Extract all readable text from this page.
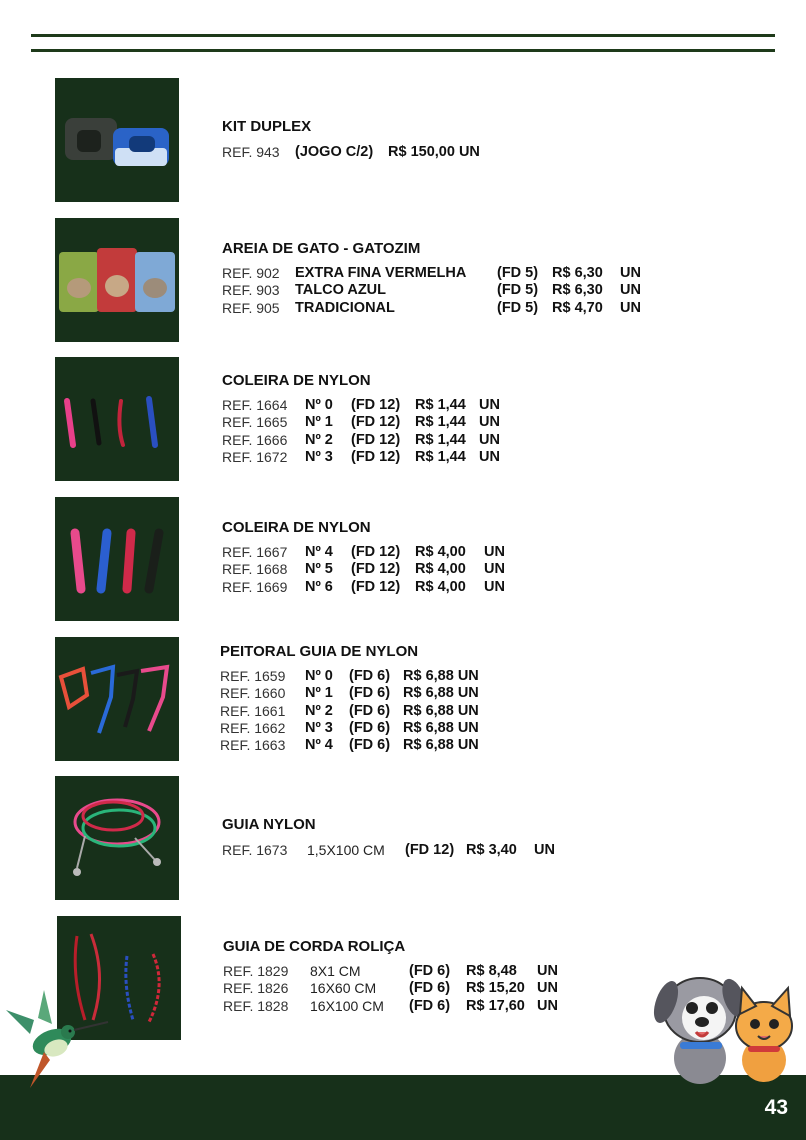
KIT DUPLEX
REF. 943 (JOGO C/2) R$ 150,00 UN
AREIA DE GATO - GATOZIM
REF. 902 EXTRA FINA VERMELHA (FD 5) R$ 6,30 UN
REF. 903 TALCO AZUL	(FD 5) R$ 6,30 UN
REF. 905 TRADICIONAL	(FD 5) R$ 4,70 UN
COLEIRA DE NYLON
REF. 1664 Nº 0 (FD 12) R$ 1,44 UN
REF. 1665 Nº 1 (FD 12) R$ 1,44 UN
REF. 1666 Nº 2 (FD 12) R$ 1,44 UN
REF. 1672 Nº 3 (FD 12) R$ 1,44 UN
COLEIRA DE NYLON
REF. 1667 Nº 4 (FD 12) R$ 4,00 UN
REF. 1668 Nº 5 (FD 12) R$ 4,00 UN
REF. 1669 Nº 6 (FD 12) R$ 4,00 UN
PEITORAL GUIA DE NYLON
REF. 1659 Nº 0 (FD 6) R$ 6,88 UN
REF. 1660 Nº 1 (FD 6) R$ 6,88 UN
REF. 1661 Nº 2 (FD 6) R$ 6,88 UN
REF. 1662 Nº 3 (FD 6) R$ 6,88 UN
REF. 1663 Nº 4 (FD 6) R$ 6,88 UN
GUIA NYLON
REF. 1673 1,5X100 CM (FD 12) R$ 3,40 UN
GUIA DE CORDA ROLIÇA
REF. 1829 8X1 CM	(FD 6) R$ 8,48 UN
REF. 1826 16X60 CM (FD 6) R$ 15,20 UN
REF. 1828 16X100 CM (FD 6) R$ 17,60 UN
43
